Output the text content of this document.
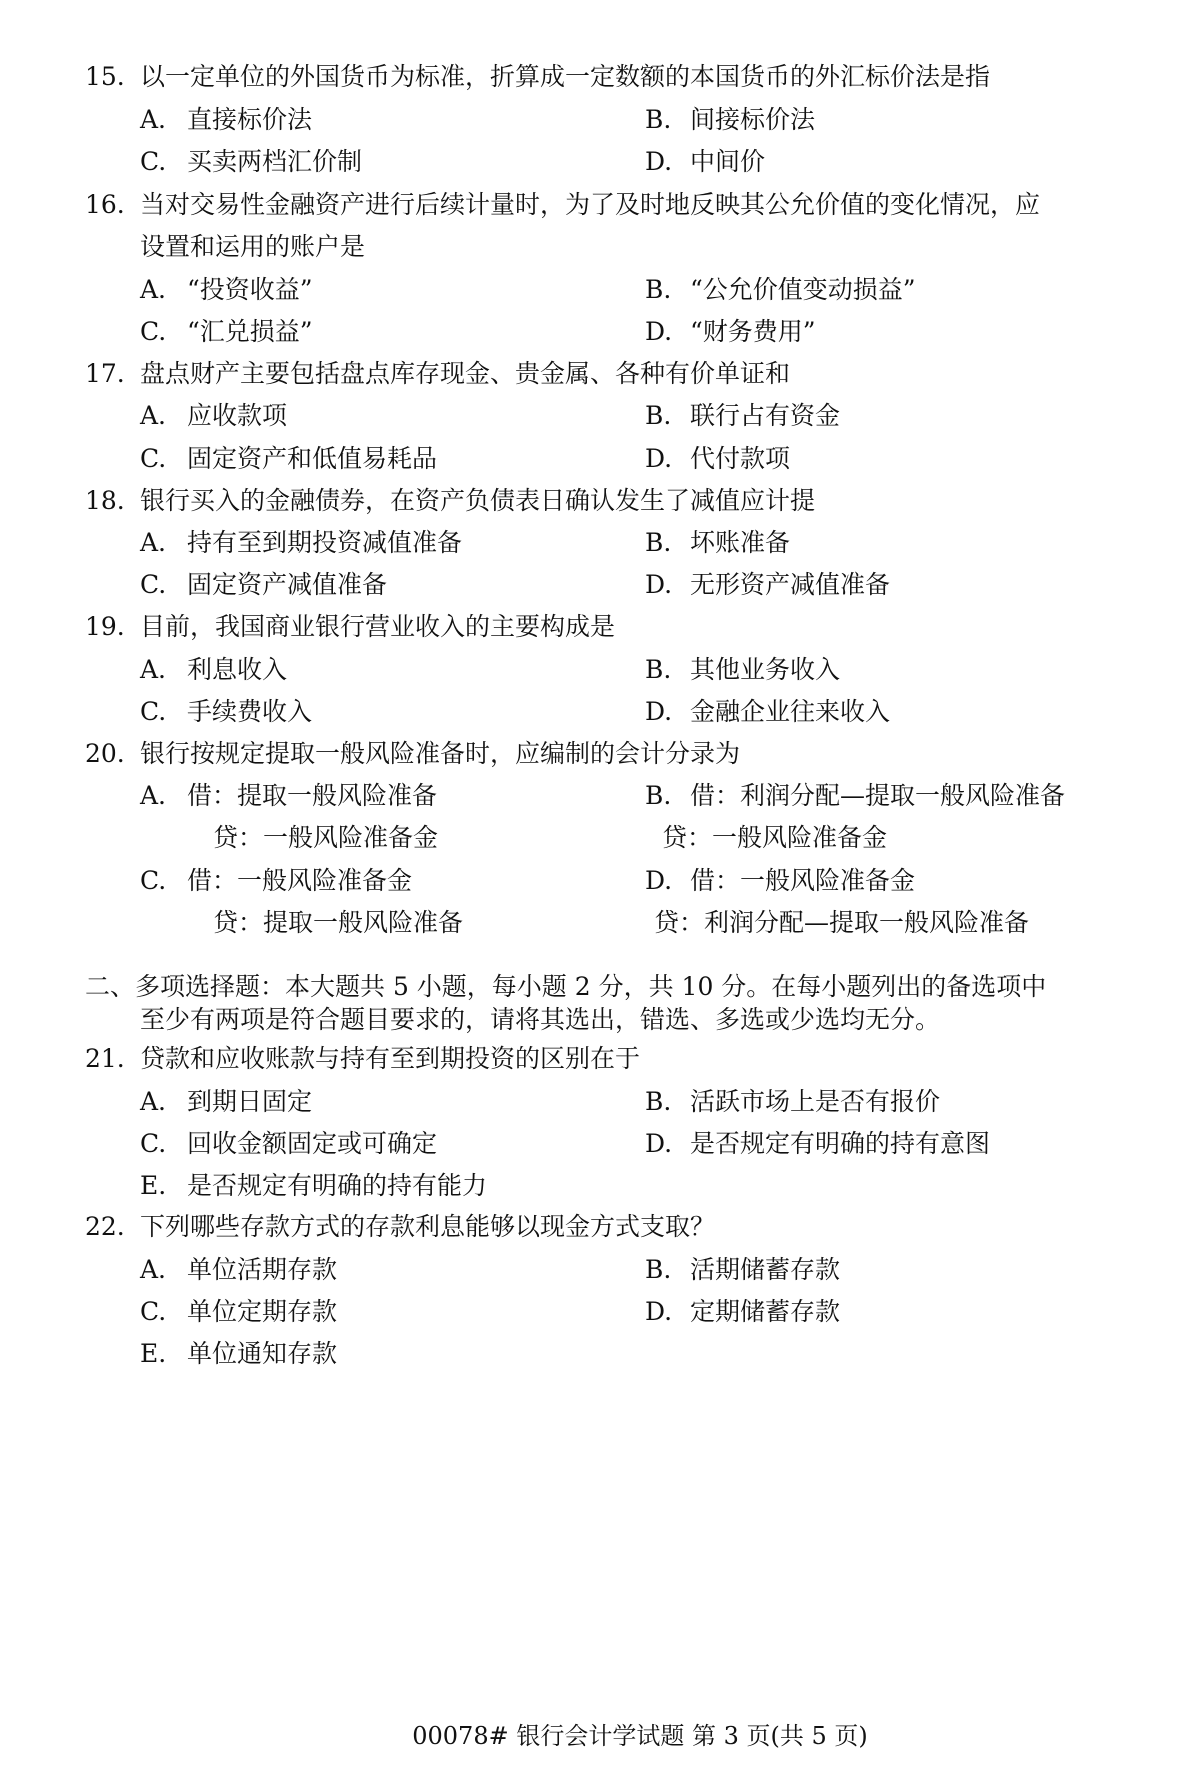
15. 以一定单位的外国货币为标准，折算成一定数额的本国货币的外汇标价法是指
A. 直接标价法	B. 间接标价法
C. 买卖两档汇价制	D. 中间价
16. 当对交易性金融资产进行后续计量时，为了及时地反映其公允价值的变化情况，应
设置和运用的账户是
A. “投资收益”	B. “公允价值变动损益”
C. “汇兑损益”	D. “财务费用”
17. 盘点财产主要包括盘点库存现金、贵金属、各种有价单证和
A. 应收款项	B. 联行占有资金
C. 固定资产和低值易耗品	D. 代付款项
18. 银行买入的金融债券，在资产负债表日确认发生了减值应计提
A. 持有至到期投资减值准备	B. 坏账准备
C. 固定资产减值准备	D. 无形资产减值准备
19. 目前，我国商业银行营业收入的主要构成是
A. 利息收入	B. 其他业务收入
C. 手续费收入	D. 金融企业往来收入
20. 银行按规定提取一般风险准备时，应编制的会计分录为
A. 借：提取一般风险准备	B. 借：利润分配—提取一般风险准备
贷：一般风险准备金	贷：一般风险准备金
C. 借：一般风险准备金	D. 借：一般风险准备金
贷：提取一般风险准备	贷：利润分配—提取一般风险准备
二、多项选择题：本大题共 5 小题，每小题 2 分，共 10 分。在每小题列出的备选项中
至少有两项是符合题目要求的，请将其选出，错选、多选或少选均无分。
21. 贷款和应收账款与持有至到期投资的区别在于
A. 到期日固定	B. 活跃市场上是否有报价
C. 回收金额固定或可确定	D. 是否规定有明确的持有意图
E. 是否规定有明确的持有能力
22. 下列哪些存款方式的存款利息能够以现金方式支取？
A. 单位活期存款	B. 活期储蓄存款
C. 单位定期存款	D. 定期储蓄存款
E. 单位通知存款
00078# 银行会计学试题 第 3 页(共 5 页)
